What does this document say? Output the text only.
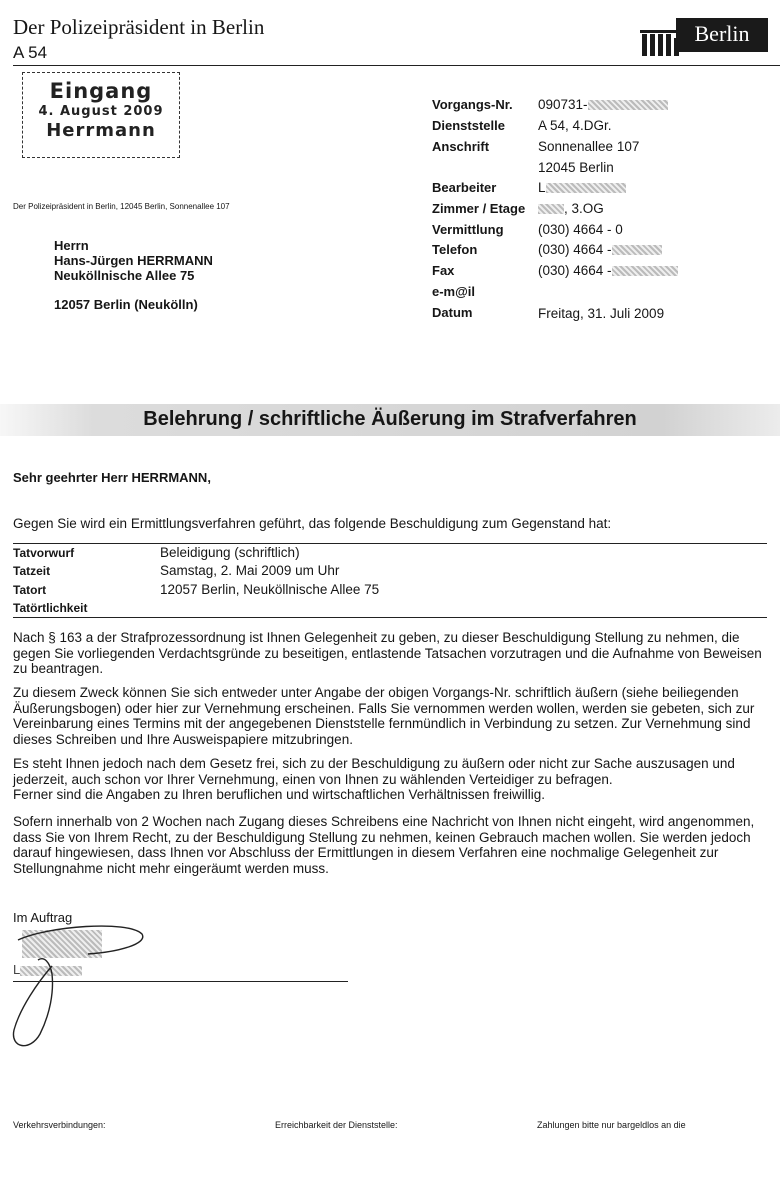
Der Polizeipräsident in Berlin
A 54
Berlin
Eingang
4. August 2009
Herrmann
Der Polizeipräsident in Berlin, 12045 Berlin, Sonnenallee 107
Herrn
Hans-Jürgen HERRMANN
Neuköllnische Allee 75
12057 Berlin (Neukölln)
Vorgangs-Nr. 090731-
Dienststelle A 54, 4.DGr.
Anschrift	Sonnenallee 107
12045 Berlin
Bearbeiter	L
Zimmer / Etage	, 3.OG
Vermittlung	(030) 4664 - 0
Telefon	(030) 4664 -
Fax	(030) 4664 -
e-m@il
Datum	Freitag, 31. Juli 2009
Belehrung / schriftliche Äußerung im Strafverfahren
Sehr geehrter Herr HERRMANN,
Gegen Sie wird ein Ermittlungsverfahren geführt, das folgende Beschuldigung zum Gegenstand hat:
Tatvorwurf	Beleidigung (schriftlich)
Tatzeit	Samstag, 2. Mai 2009 um Uhr
Tatort	12057 Berlin, Neuköllnische Allee 75
Tatörtlichkeit
Nach § 163 a der Strafprozessordnung ist Ihnen Gelegenheit zu geben, zu dieser Beschuldigung Stellung zu nehmen, die
gegen Sie vorliegenden Verdachtsgründe zu beseitigen, entlastende Tatsachen vorzutragen und die Aufnahme von Beweisen
zu beantragen.
Zu diesem Zweck können Sie sich entweder unter Angabe der obigen Vorgangs-Nr. schriftlich äußern (siehe beiliegenden
Äußerungsbogen) oder hier zur Vernehmung erscheinen. Falls Sie vernommen werden wollen, werden sie gebeten, sich zur
Vereinbarung eines Termins mit der angegebenen Dienststelle fernmündlich in Verbindung zu setzen. Zur Vernehmung sind
dieses Schreiben und Ihre Ausweispapiere mitzubringen.
Es steht Ihnen jedoch nach dem Gesetz frei, sich zu der Beschuldigung zu äußern oder nicht zur Sache auszusagen und
jederzeit, auch schon vor Ihrer Vernehmung, einen von Ihnen zu wählenden Verteidiger zu befragen.
Ferner sind die Angaben zu Ihren beruflichen und wirtschaftlichen Verhältnissen freiwillig.
Sofern innerhalb von 2 Wochen nach Zugang dieses Schreibens eine Nachricht von Ihnen nicht eingeht, wird angenommen,
dass Sie von Ihrem Recht, zu der Beschuldigung Stellung zu nehmen, keinen Gebrauch machen wollen. Sie werden jedoch
darauf hingewiesen, dass Ihnen vor Abschluss der Ermittlungen in diesem Verfahren eine nochmalige Gelegenheit zur
Stellungnahme nicht mehr eingeräumt werden muss.
Im Auftrag
L
Verkehrsverbindungen:	Erreichbarkeit der Dienststelle:	Zahlungen bitte nur bargeldlos an die
